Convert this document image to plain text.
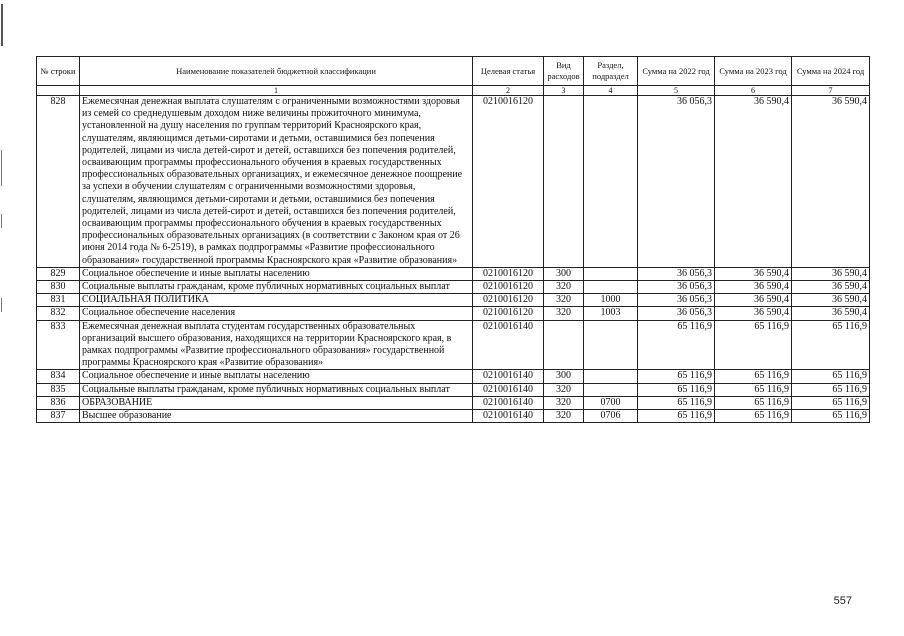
№ строки	Наименование показателей бюджетной классификации	Целевая статья	Вид расходов	Раздел, подраздел	Сумма на 2022 год	Сумма на 2023 год	Сумма на 2024 год
	1	2	3	4	5	6	7
828	Ежемесячная денежная выплата слушателям с ограниченными возможностями здоровья из семей со среднедушевым доходом ниже величины прожиточного минимума, установленной на душу населения по группам территорий Красноярского края, слушателям, являющимся детьми-сиротами и детьми, оставшимися без попечения родителей, лицами из числа детей-сирот и детей, оставшихся без попечения родителей, осваивающим программы профессионального обучения в краевых государственных профессиональных образовательных организациях, и ежемесячное денежное поощрение за успехи в обучении слушателям с ограниченными возможностями здоровья, слушателям, являющимся детьми-сиротами и детьми, оставшимися без попечения родителей, лицами из числа детей-сирот и детей, оставшихся без попечения родителей, осваивающим программы профессионального обучения в краевых государственных профессиональных образовательных организациях (в соответствии с Законом края от 26 июня 2014 года № 6-2519), в рамках подпрограммы «Развитие профессионального образования» государственной программы Красноярского края «Развитие образования»	0210016120			36 056,3	36 590,4	36 590,4
829	Социальное обеспечение и иные выплаты населению	0210016120	300		36 056,3	36 590,4	36 590,4
830	Социальные выплаты гражданам, кроме публичных нормативных социальных выплат	0210016120	320		36 056,3	36 590,4	36 590,4
831	СОЦИАЛЬНАЯ ПОЛИТИКА	0210016120	320	1000	36 056,3	36 590,4	36 590,4
832	Социальное обеспечение населения	0210016120	320	1003	36 056,3	36 590,4	36 590,4
833	Ежемесячная денежная выплата студентам государственных образовательных организаций высшего образования, находящихся на территории Красноярского края, в рамках подпрограммы «Развитие профессионального образования» государственной программы Красноярского края «Развитие образования»	0210016140			65 116,9	65 116,9	65 116,9
834	Социальное обеспечение и иные выплаты населению	0210016140	300		65 116,9	65 116,9	65 116,9
835	Социальные выплаты гражданам, кроме публичных нормативных социальных выплат	0210016140	320		65 116,9	65 116,9	65 116,9
836	ОБРАЗОВАНИЕ	0210016140	320	0700	65 116,9	65 116,9	65 116,9
837	Высшее образование	0210016140	320	0706	65 116,9	65 116,9	65 116,9
557
